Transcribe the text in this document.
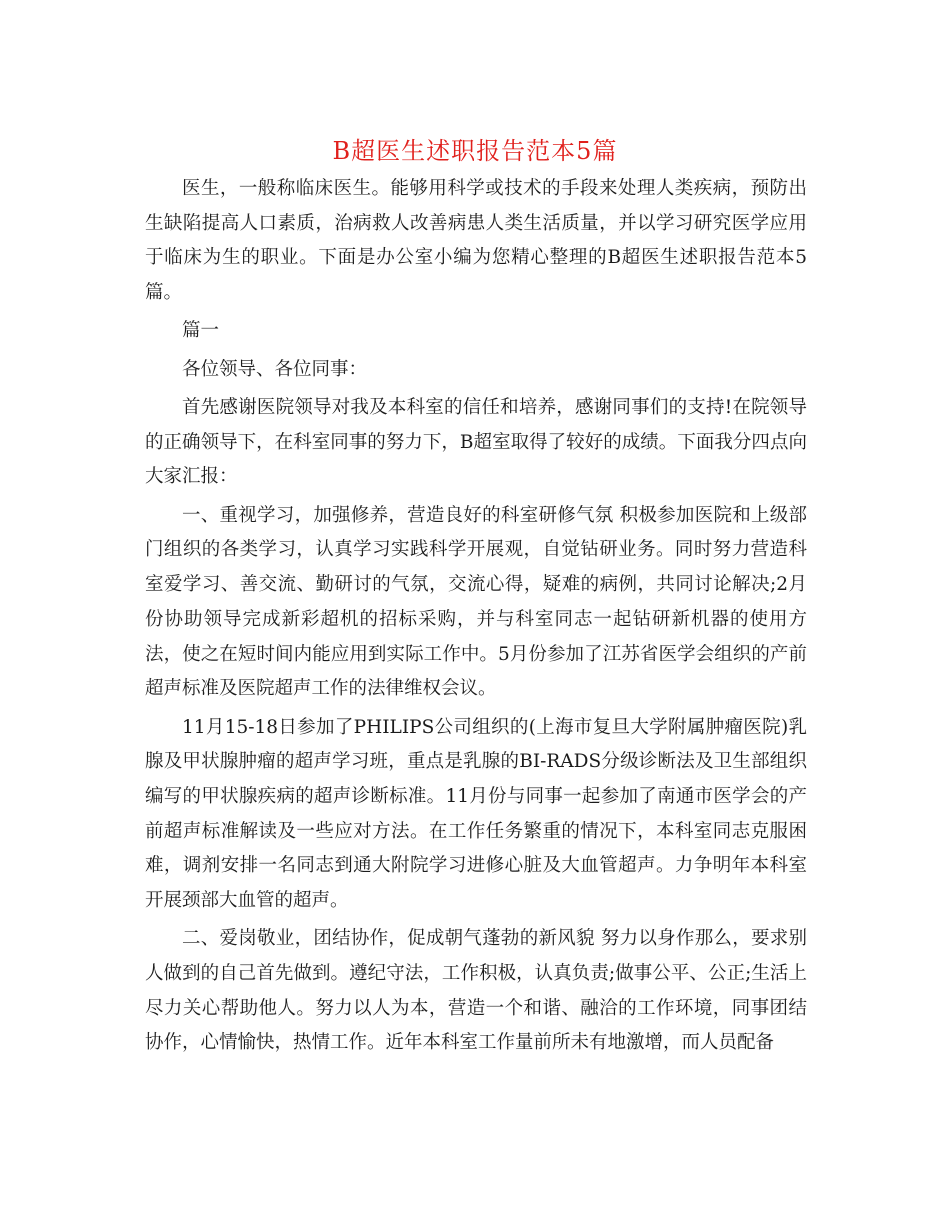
B超医生述职报告范本5篇

医生，一般称临床医生。能够用科学或技术的手段来处理人类疾病，预防出生缺陷提高人口素质，治病救人改善病患人类生活质量，并以学习研究医学应用于临床为生的职业。下面是办公室小编为您精心整理的B超医生述职报告范本5篇。

篇一

各位领导、各位同事：

首先感谢医院领导对我及本科室的信任和培养，感谢同事们的支持!在院领导的正确领导下，在科室同事的努力下，B超室取得了较好的成绩。下面我分四点向大家汇报：

一、重视学习，加强修养，营造良好的科室研修气氛 积极参加医院和上级部门组织的各类学习，认真学习实践科学开展观，自觉钻研业务。同时努力营造科室爱学习、善交流、勤研讨的气氛，交流心得，疑难的病例，共同讨论解决;2月份协助领导完成新彩超机的招标采购，并与科室同志一起钻研新机器的使用方法，使之在短时间内能应用到实际工作中。5月份参加了江苏省医学会组织的产前超声标准及医院超声工作的法律维权会议。

11月15-18日参加了PHILIPS公司组织的(上海市复旦大学附属肿瘤医院)乳腺及甲状腺肿瘤的超声学习班，重点是乳腺的BI-RADS分级诊断法及卫生部组织编写的甲状腺疾病的超声诊断标准。11月份与同事一起参加了南通市医学会的产前超声标准解读及一些应对方法。在工作任务繁重的情况下，本科室同志克服困难，调剂安排一名同志到通大附院学习进修心脏及大血管超声。力争明年本科室开展颈部大血管的超声。

二、爱岗敬业，团结协作，促成朝气蓬勃的新风貌 努力以身作那么，要求别人做到的自己首先做到。遵纪守法，工作积极，认真负责;做事公平、公正;生活上尽力关心帮助他人。努力以人为本，营造一个和谐、融洽的工作环境，同事团结协作，心情愉快，热情工作。近年本科室工作量前所未有地激增，而人员配备
